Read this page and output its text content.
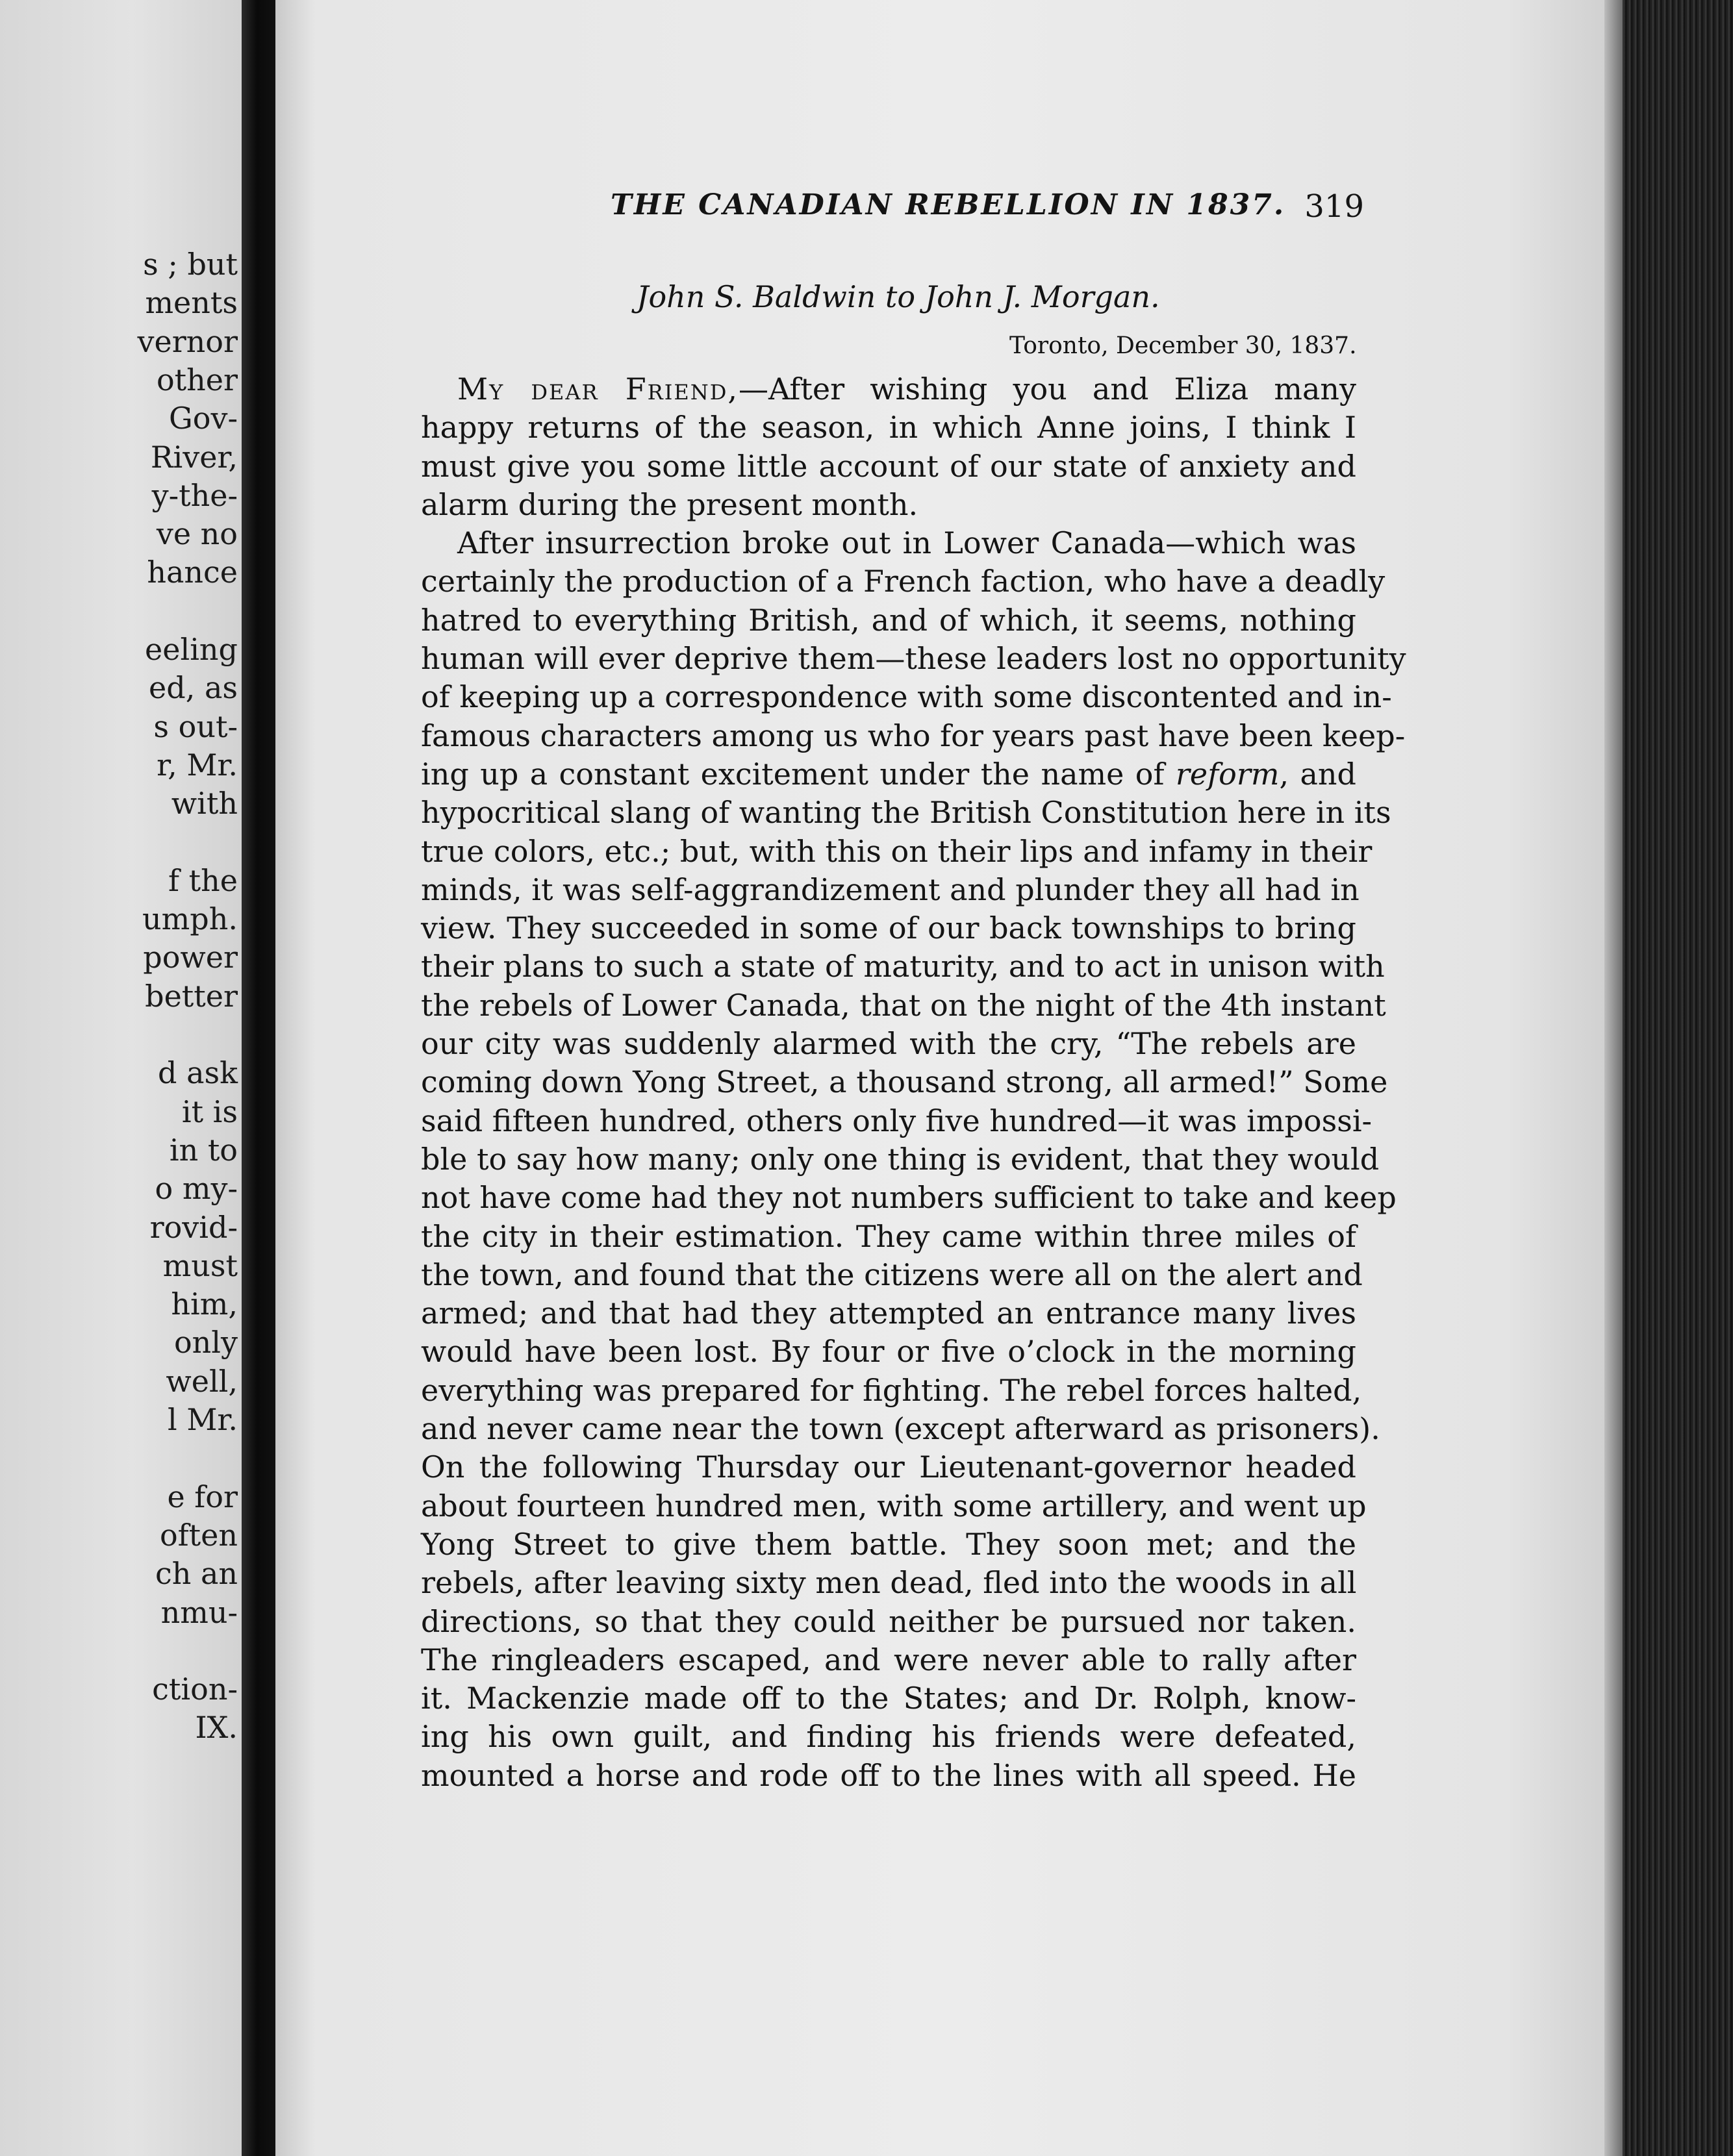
s ; but
ments
vernor
other
Gov-
River,
y-the-
ve no
hance
eeling
ed, as
s out-
r, Mr.
with
f the
umph.
power
better
d ask
it is
in to
o my-
rovid-
must
him,
only
well,
l Mr.
e for
often
ch an
nmu-
ction-
IX.
THE CANADIAN REBELLION IN 1837. 319
John S. Baldwin to John J. Morgan.
Toronto, December 30, 1837.
My dear Friend,—After wishing you and Eliza many
happy returns of the season, in which Anne joins, I think I
must give you some little account of our state of anxiety and
alarm during the present month.
After insurrection broke out in Lower Canada—which was
certainly the production of a French faction, who have a deadly
hatred to everything British, and of which, it seems, nothing
human will ever deprive them—these leaders lost no opportunity
of keeping up a correspondence with some discontented and in-
famous characters among us who for years past have been keep-
ing up a constant excitement under the name of reform, and
hypocritical slang of wanting the British Constitution here in its
true colors, etc.; but, with this on their lips and infamy in their
minds, it was self-aggrandizement and plunder they all had in
view. They succeeded in some of our back townships to bring
their plans to such a state of maturity, and to act in unison with
the rebels of Lower Canada, that on the night of the 4th instant
our city was suddenly alarmed with the cry, “The rebels are
coming down Yong Street, a thousand strong, all armed!” Some
said fifteen hundred, others only five hundred—it was impossi-
ble to say how many; only one thing is evident, that they would
not have come had they not numbers sufficient to take and keep
the city in their estimation. They came within three miles of
the town, and found that the citizens were all on the alert and
armed; and that had they attempted an entrance many lives
would have been lost. By four or five o’clock in the morning
everything was prepared for fighting. The rebel forces halted,
and never came near the town (except afterward as prisoners).
On the following Thursday our Lieutenant-governor headed
about fourteen hundred men, with some artillery, and went up
Yong Street to give them battle. They soon met; and the
rebels, after leaving sixty men dead, fled into the woods in all
directions, so that they could neither be pursued nor taken.
The ringleaders escaped, and were never able to rally after
it. Mackenzie made off to the States; and Dr. Rolph, know-
ing his own guilt, and finding his friends were defeated,
mounted a horse and rode off to the lines with all speed. He
